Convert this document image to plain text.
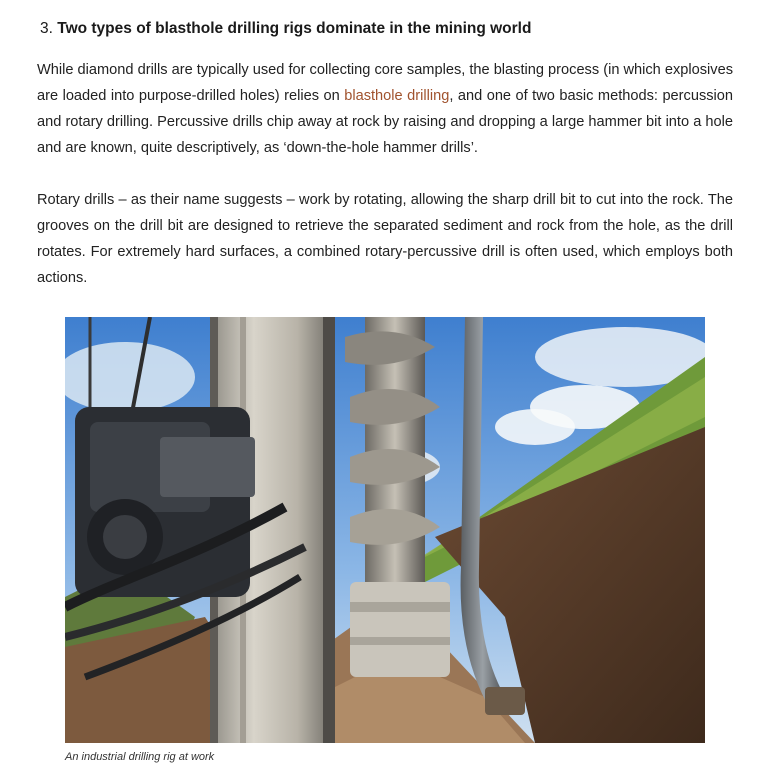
3. Two types of blasthole drilling rigs dominate in the mining world

While diamond drills are typically used for collecting core samples, the blasting process (in which explosives are loaded into purpose-drilled holes) relies on blasthole drilling, and one of two basic methods: percussion and rotary drilling. Percussive drills chip away at rock by raising and dropping a large hammer bit into a hole and are known, quite descriptively, as ‘down-the-hole hammer drills’.

Rotary drills – as their name suggests – work by rotating, allowing the sharp drill bit to cut into the rock. The grooves on the drill bit are designed to retrieve the separated sediment and rock from the hole, as the drill rotates. For extremely hard surfaces, a combined rotary-percussive drill is often used, which employs both actions.

An industrial drilling rig at work
